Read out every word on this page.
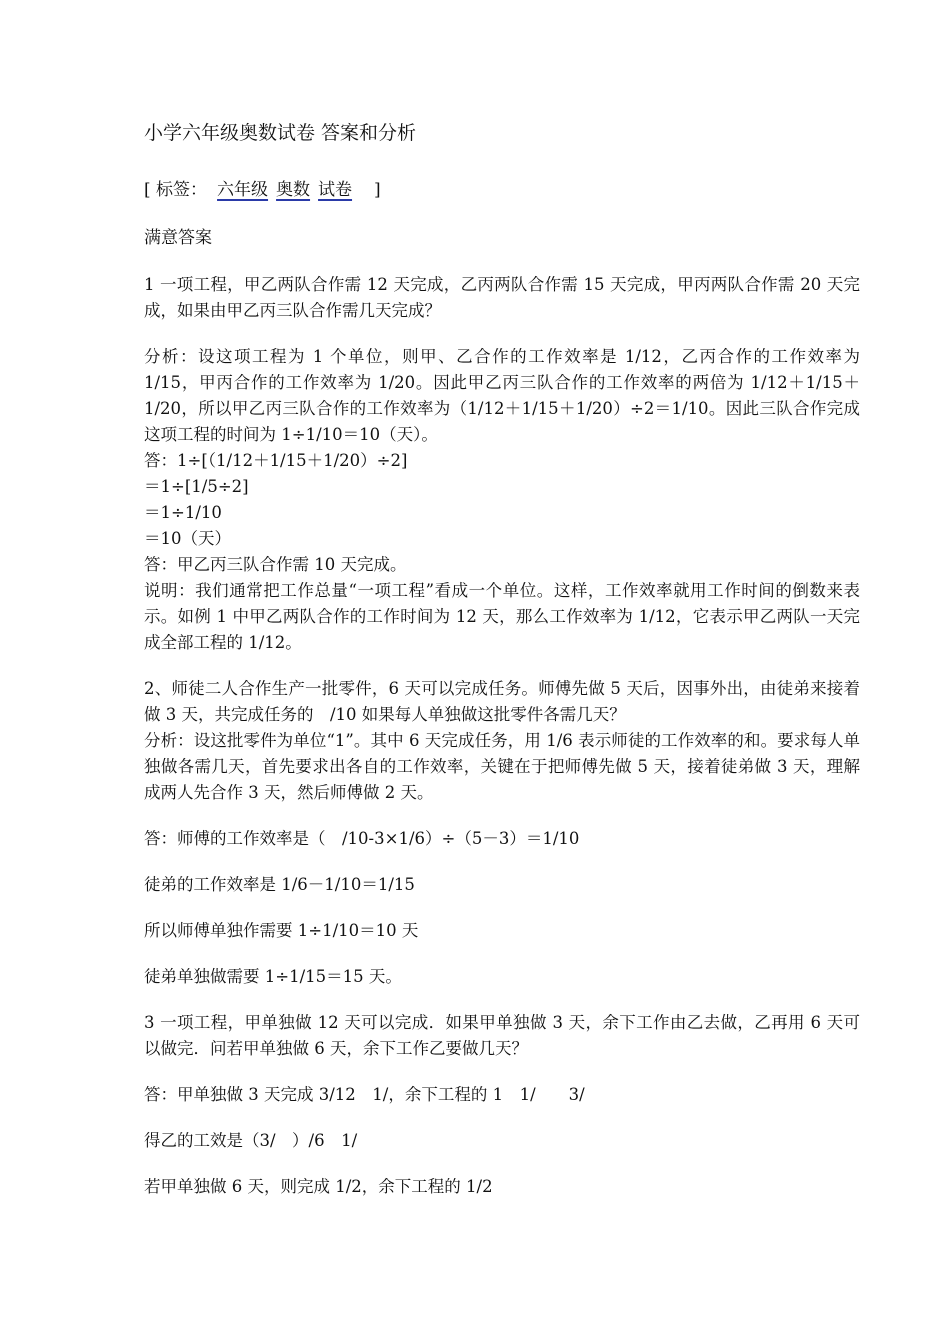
小学六年级奥数试卷 答案和分析
[ 标签： 六年级 奥数 试卷 ]
满意答案
1 一项工程，甲乙两队合作需 12 天完成，乙丙两队合作需 15 天完成，甲丙两队合作需 20 天完成，如果由甲乙丙三队合作需几天完成？
分析：设这项工程为 1 个单位，则甲、乙合作的工作效率是 1/12，乙丙合作的工作效率为 1/15，甲丙合作的工作效率为 1/20。因此甲乙丙三队合作的工作效率的两倍为 1/12＋1/15＋1/20，所以甲乙丙三队合作的工作效率为（1/12＋1/15＋1/20）÷2＝1/10。因此三队合作完成这项工程的时间为 1÷1/10＝10（天）。
答：1÷[（1/12＋1/15＋1/20）÷2]
＝1÷[1/5÷2]
＝1÷1/10
＝10（天）
答：甲乙丙三队合作需 10 天完成。
说明：我们通常把工作总量“一项工程”看成一个单位。这样，工作效率就用工作时间的倒数来表示。如例 1 中甲乙两队合作的工作时间为 12 天，那么工作效率为 1/12，它表示甲乙两队一天完成全部工程的 1/12。
2、师徒二人合作生产一批零件，6 天可以完成任务。师傅先做 5 天后，因事外出，由徒弟来接着做 3 天，共完成任务的　/10 如果每人单独做这批零件各需几天？
分析：设这批零件为单位“1”。其中 6 天完成任务，用 1/6 表示师徒的工作效率的和。要求每人单独做各需几天，首先要求出各自的工作效率，关键在于把师傅先做 5 天，接着徒弟做 3 天，理解成两人先合作 3 天，然后师傅做 2 天。
答：师傅的工作效率是（　/10-3×1/6）÷（5－3）＝1/10
徒弟的工作效率是 1/6－1/10＝1/15
所以师傅单独作需要 1÷1/10＝10 天
徒弟单独做需要 1÷1/15＝15 天。
3 一项工程，甲单独做 12 天可以完成．如果甲单独做 3 天，余下工作由乙去做，乙再用 6 天可以做完．问若甲单独做 6 天，余下工作乙要做几天？
答：甲单独做 3 天完成 3/12　1/，余下工程的 1　1/　　3/
得乙的工效是（3/　）/6　1/
若甲单独做 6 天，则完成 1/2，余下工程的 1/2
